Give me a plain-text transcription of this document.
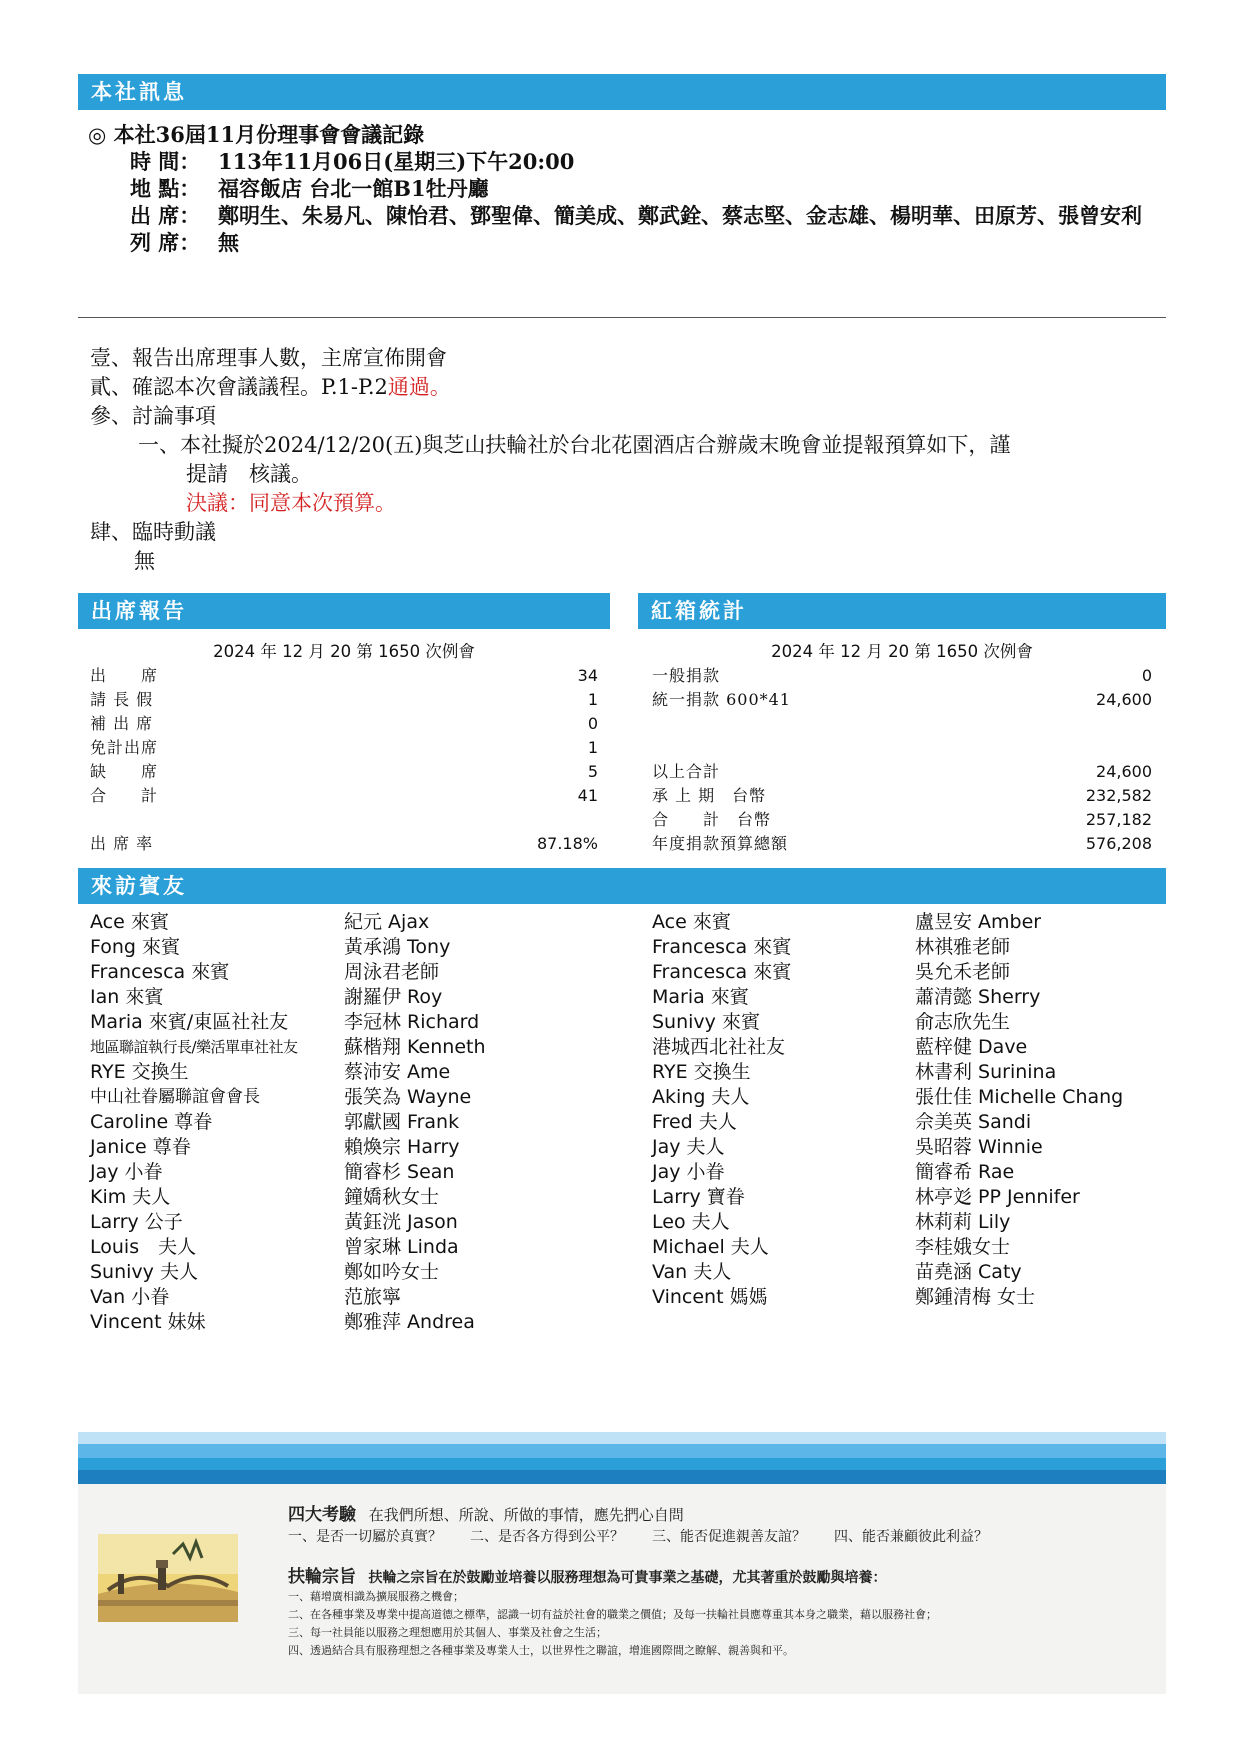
本社訊息
◎ 本社36屆11月份理事會會議記錄
時 間： 113年11月06日(星期三)下午20:00
地 點： 福容飯店 台北一館B1牡丹廳
出 席： 鄭明生、朱易凡、陳怡君、鄧聖偉、簡美成、鄭武銓、蔡志堅、金志雄、楊明華、田原芳、張曾安利
列 席： 無
壹、報告出席理事人數，主席宣佈開會
貳、確認本次會議議程。P.1-P.2通過。
參、討論事項
一、本社擬於2024/12/20(五)與芝山扶輪社於台北花園酒店合辦歲末晚會並提報預算如下，謹
提請　核議。
決議：同意本次預算。
肆、臨時動議
無
出席報告	紅箱統計
2024 年 12 月 20 第 1650 次例會
出　　席	34
請 長 假	1
補 出 席	0
免計出席	1
缺　　席	5
合　　計	41
出 席 率	87.18%
2024 年 12 月 20 第 1650 次例會
一般捐款	0
統一捐款 600*41	24,600
以上合計	24,600
承 上 期　台幣	232,582
合　　計　台幣	257,182
年度捐款預算總額	576,208
來訪賓友
Ace 來賓
Fong 來賓
Francesca 來賓
Ian 來賓
Maria 來賓/東區社社友
地區聯誼執行長/樂活單車社社友
RYE 交換生
中山社眷屬聯誼會會長
Caroline 尊眷
Janice 尊眷
Jay 小眷
Kim 夫人
Larry 公子
Louis　夫人
Sunivy 夫人
Van 小眷
Vincent 妹妹
紀元 Ajax
黃承鴻 Tony
周泳君老師
謝羅伊 Roy
李冠林 Richard
蘇楷翔 Kenneth
蔡沛安 Ame
張笑為 Wayne
郭獻國 Frank
賴煥宗 Harry
簡睿杉 Sean
鐘嬌秋女士
黃鈺洸 Jason
曾家琳 Linda
鄭如吟女士
范旅寧
鄭雅萍 Andrea
Ace 來賓
Francesca 來賓
Francesca 來賓
Maria 來賓
Sunivy 來賓
港城西北社社友
RYE 交換生
Aking 夫人
Fred 夫人
Jay 夫人
Jay 小眷
Larry 寶眷
Leo 夫人
Michael 夫人
Van 夫人
Vincent 媽媽
盧昱安 Amber
林祺雅老師
吳允禾老師
蕭清懿 Sherry
俞志欣先生
藍梓健 Dave
林書利 Surinina
張仕佳 Michelle Chang
佘美英 Sandi
吳昭蓉 Winnie
簡睿希 Rae
林亭彣 PP Jennifer
林莉莉 Lily
李桂娥女士
苗堯涵 Caty
鄭鍾清梅 女士
四大考驗 在我們所想、所說、所做的事情，應先捫心自問
一、是否一切屬於真實？　　二、是否各方得到公平？　　三、能否促進親善友誼？　　四、能否兼顧彼此利益？
扶輪宗旨 扶輪之宗旨在於鼓勵並培養以服務理想為可貴事業之基礎，尤其著重於鼓勵與培養：
一、藉增廣相識為擴展服務之機會；
二、在各種事業及專業中提高道德之標準，認識一切有益於社會的職業之價值；及每一扶輪社員應尊重其本身之職業，藉以服務社會；
三、每一社員能以服務之理想應用於其個人、事業及社會之生活；
四、透過結合具有服務理想之各種事業及專業人士，以世界性之聯誼，增進國際間之瞭解、親善與和平。
